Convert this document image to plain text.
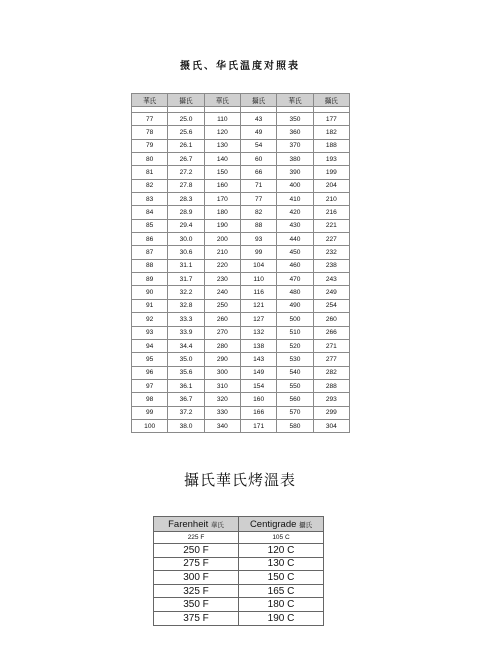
摄氏、华氏温度对照表
華氏	攝氏	華氏	攝氏	華氏	攝氏

77	25.0	110	43	350	177
78	25.6	120	49	360	182
79	26.1	130	54	370	188
80	26.7	140	60	380	193
81	27.2	150	66	390	199
82	27.8	160	71	400	204
83	28.3	170	77	410	210
84	28.9	180	82	420	216
85	29.4	190	88	430	221
86	30.0	200	93	440	227
87	30.6	210	99	450	232
88	31.1	220	104	460	238
89	31.7	230	110	470	243
90	32.2	240	116	480	249
91	32.8	250	121	490	254
92	33.3	260	127	500	260
93	33.9	270	132	510	266
94	34.4	280	138	520	271
95	35.0	290	143	530	277
96	35.6	300	149	540	282
97	36.1	310	154	550	288
98	36.7	320	160	560	293
99	37.2	330	166	570	299
100	38.0	340	171	580	304
攝氏華氏烤溫表
Farenheit 華氏	Centigrade 攝氏
225 F	105 C
250 F	120 C
275 F	130 C
300 F	150 C
325 F	165 C
350 F	180 C
375 F	190 C
